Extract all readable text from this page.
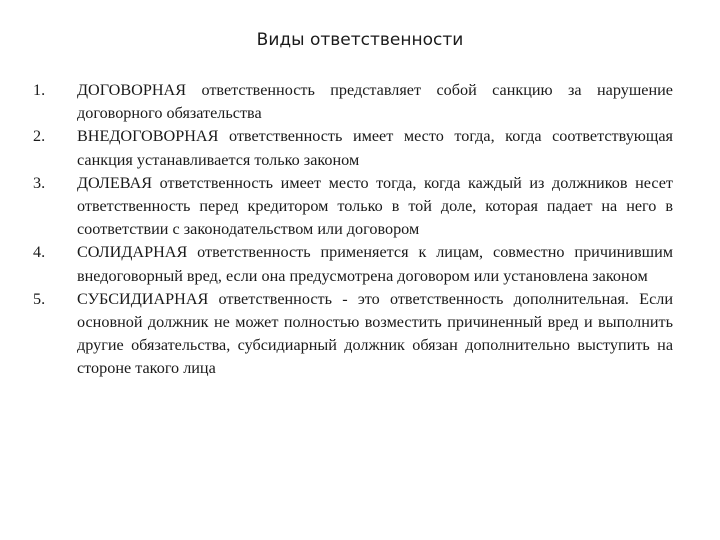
Виды ответственности
1.	ДОГОВОРНАЯ ответственность представляет собой санкцию за нарушение договорного обязательства
2.	ВНЕДОГОВОРНАЯ ответственность имеет место тогда, когда соответствующая санкция устанавливается только законом
3.	ДОЛЕВАЯ ответственность имеет место тогда, когда каждый из должников несет ответственность перед кредитором только в той доле, которая падает на него в соответствии с законодательством или договором
4.	СОЛИДАРНАЯ ответственность применяется к лицам, совместно причинившим внедоговорный вред, если она предусмотрена договором или установлена законом
5.	СУБСИДИАРНАЯ ответственность - это ответственность дополнительная. Если основной должник не может полностью возместить причиненный вред и выполнить другие обязательства, субсидиарный должник обязан дополнительно выступить на стороне такого лица
